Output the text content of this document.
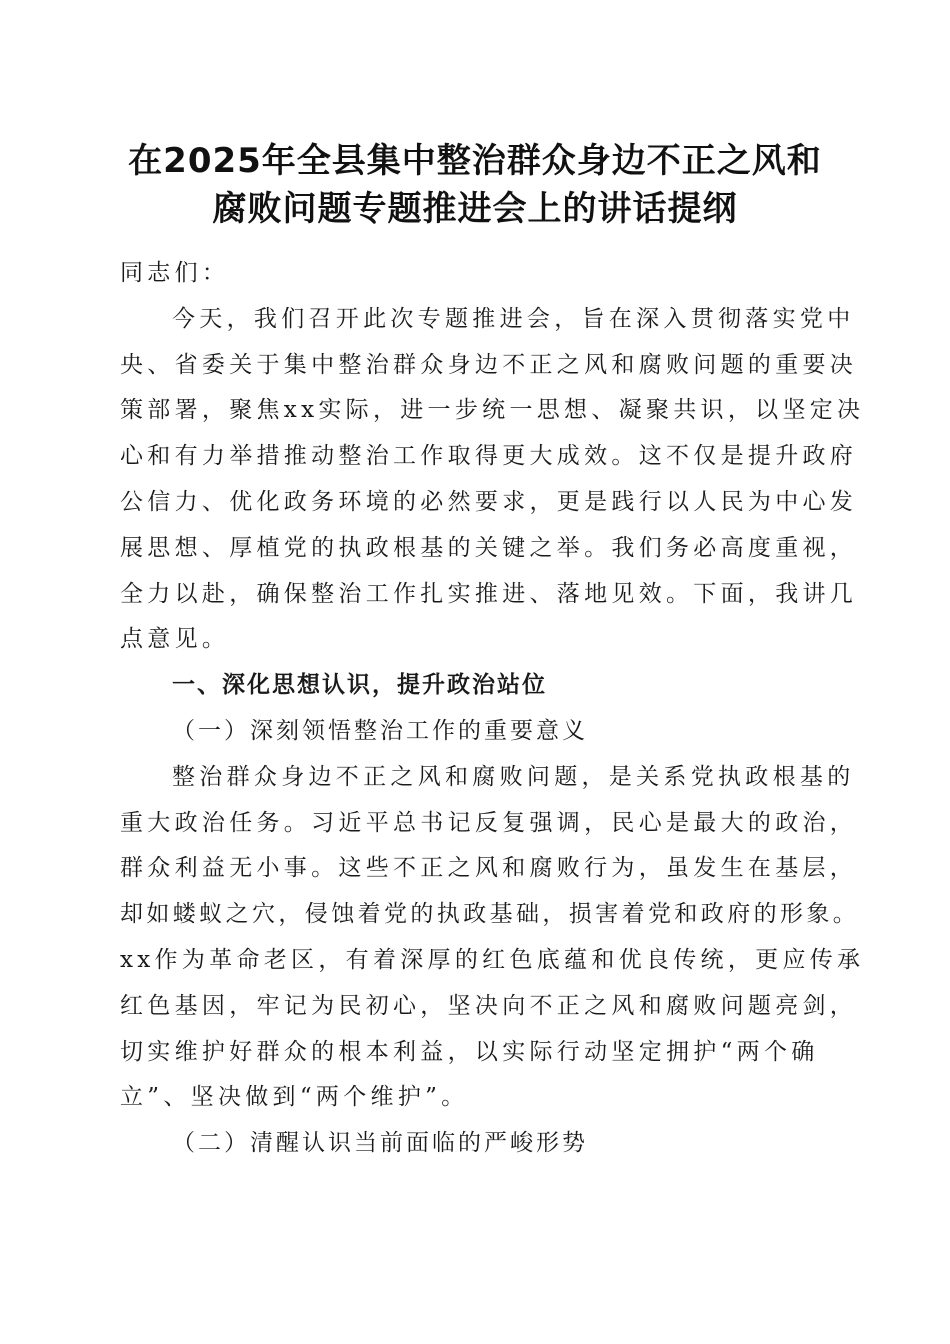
在2025年全县集中整治群众身边不正之风和
腐败问题专题推进会上的讲话提纲

同志们：

今天，我们召开此次专题推进会，旨在深入贯彻落实党中

央、省委关于集中整治群众身边不正之风和腐败问题的重要决

策部署，聚焦xx实际，进一步统一思想、凝聚共识，以坚定决

心和有力举措推动整治工作取得更大成效。这不仅是提升政府

公信力、优化政务环境的必然要求，更是践行以人民为中心发

展思想、厚植党的执政根基的关键之举。我们务必高度重视，

全力以赴，确保整治工作扎实推进、落地见效。下面，我讲几

点意见。

一、深化思想认识，提升政治站位

（一）深刻领悟整治工作的重要意义

整治群众身边不正之风和腐败问题，是关系党执政根基的

重大政治任务。习近平总书记反复强调，民心是最大的政治，

群众利益无小事。这些不正之风和腐败行为，虽发生在基层，

却如蝼蚁之穴，侵蚀着党的执政基础，损害着党和政府的形象。

xx作为革命老区，有着深厚的红色底蕴和优良传统，更应传承

红色基因，牢记为民初心，坚决向不正之风和腐败问题亮剑，

切实维护好群众的根本利益，以实际行动坚定拥护“两个确

立”、坚决做到“两个维护”。

（二）清醒认识当前面临的严峻形势
